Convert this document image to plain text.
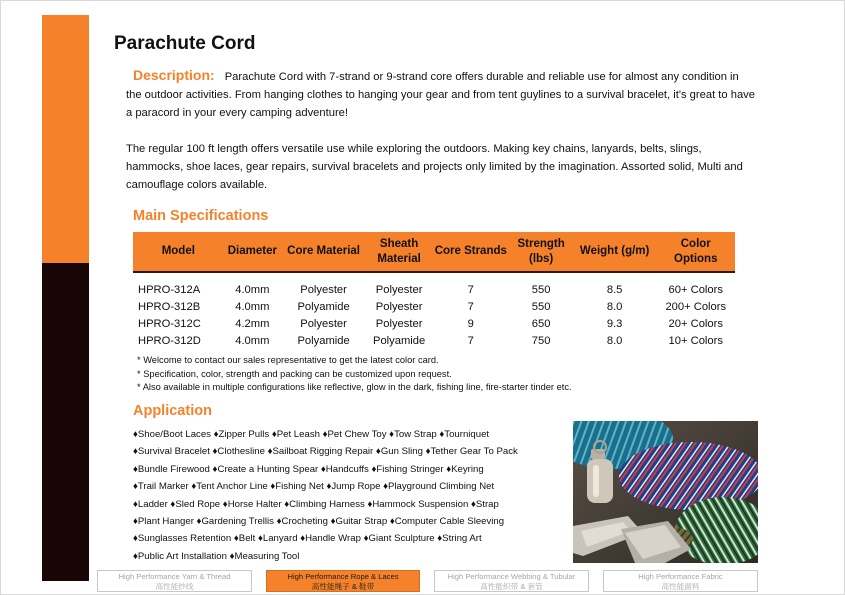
Parachute Cord
Description: Parachute Cord with 7-strand or 9-strand core offers durable and reliable use for almost any condition in the outdoor activities. From hanging clothes to hanging your gear and from tent guylines to a survival bracelet, it's great to have a paracord in your every camping adventure!
The regular 100 ft length offers versatile use while exploring the outdoors. Making key chains, lanyards, belts, slings, hammocks, shoe laces, gear repairs, survival bracelets and projects only limited by the imagination. Assorted solid, Multi and camouflage colors available.
Main Specifications
Model	Diameter	Core Material	Sheath Material	Core Strands	Strength (lbs)	Weight (g/m)	Color Options
HPRO-312A	4.0mm	Polyester	Polyester	7	550	8.5	60+ Colors
HPRO-312B	4.0mm	Polyamide	Polyester	7	550	8.0	200+ Colors
HPRO-312C	4.2mm	Polyester	Polyester	9	650	9.3	20+ Colors
HPRO-312D	4.0mm	Polyamide	Polyamide	7	750	8.0	10+ Colors
* Welcome to contact our sales representative to get the latest color card.
* Specification, color, strength and packing can be customized upon request.
* Also available in multiple configurations like reflective, glow in the dark, fishing line, fire-starter tinder etc.
Application
♦Shoe/Boot Laces ♦Zipper Pulls ♦Pet Leash ♦Pet Chew Toy ♦Tow Strap ♦Tourniquet
♦Survival Bracelet ♦Clothesline ♦Sailboat Rigging Repair ♦Gun Sling ♦Tether Gear To Pack
♦Bundle Firewood ♦Create a Hunting Spear ♦Handcuffs ♦Fishing Stringer ♦Keyring
♦Trail Marker ♦Tent Anchor Line ♦Fishing Net ♦Jump Rope ♦Playground Climbing Net
♦Ladder ♦Sled Rope ♦Horse Halter ♦Climbing Harness ♦Hammock Suspension ♦Strap
♦Plant Hanger ♦Gardening Trellis ♦Crocheting ♦Guitar Strap ♦Computer Cable Sleeving
♦Sunglasses Retention ♦Belt ♦Lanyard ♦Handle Wrap ♦Giant Sculpture ♦String Art
♦Public Art Installation ♦Measuring Tool
High Performance Yarn & Thread
高性能纱线
High Performance Rope & Laces
高性能绳子 & 鞋带
High Performance Webbing & Tubular
高性能织带 & 套管
High Performance Fabric
高性能面料
